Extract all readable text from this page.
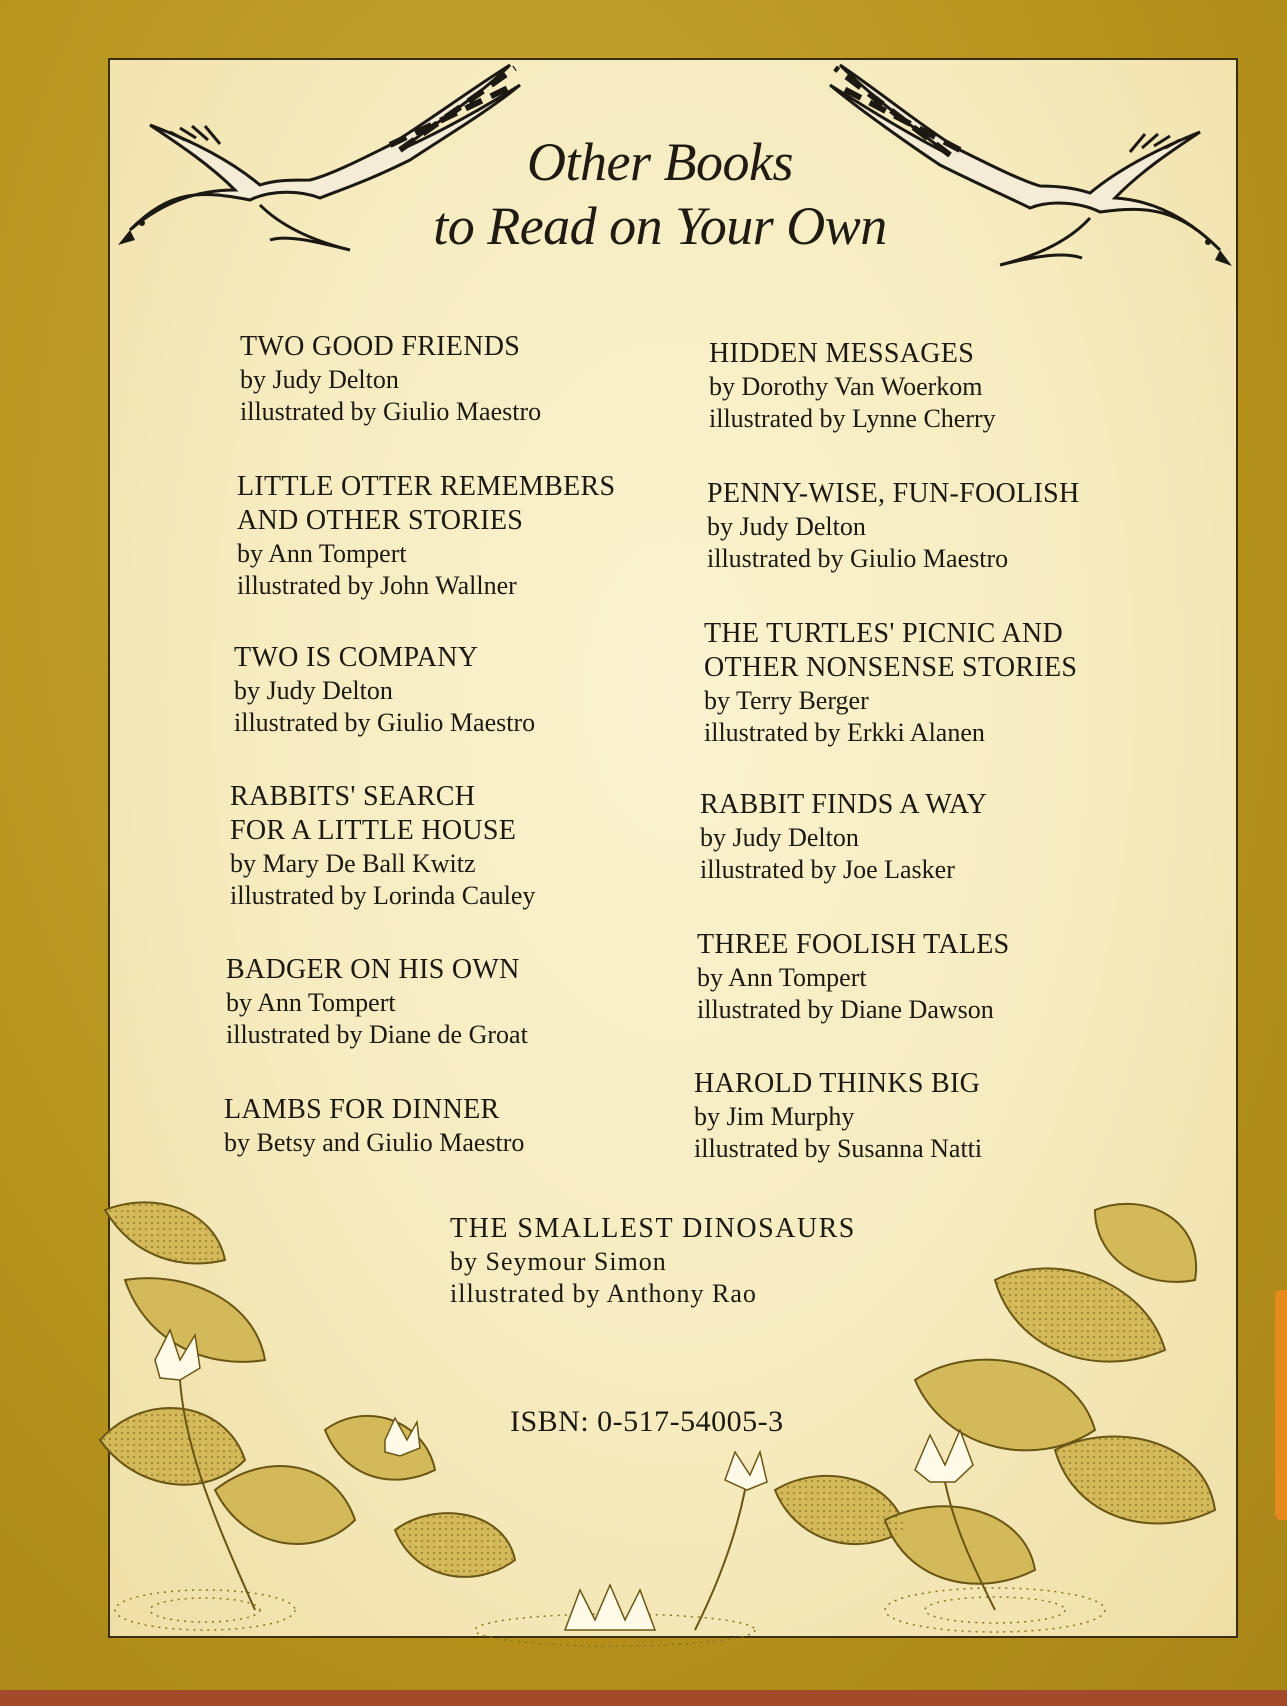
Other Books
to Read on Your Own
TWO GOOD FRIENDS
by Judy Delton
illustrated by Giulio Maestro
LITTLE OTTER REMEMBERS
AND OTHER STORIES
by Ann Tompert
illustrated by John Wallner
TWO IS COMPANY
by Judy Delton
illustrated by Giulio Maestro
RABBITS' SEARCH
FOR A LITTLE HOUSE
by Mary De Ball Kwitz
illustrated by Lorinda Cauley
BADGER ON HIS OWN
by Ann Tompert
illustrated by Diane de Groat
LAMBS FOR DINNER
by Betsy and Giulio Maestro
HIDDEN MESSAGES
by Dorothy Van Woerkom
illustrated by Lynne Cherry
PENNY-WISE, FUN-FOOLISH
by Judy Delton
illustrated by Giulio Maestro
THE TURTLES' PICNIC AND
OTHER NONSENSE STORIES
by Terry Berger
illustrated by Erkki Alanen
RABBIT FINDS A WAY
by Judy Delton
illustrated by Joe Lasker
THREE FOOLISH TALES
by Ann Tompert
illustrated by Diane Dawson
HAROLD THINKS BIG
by Jim Murphy
illustrated by Susanna Natti
THE SMALLEST DINOSAURS
by Seymour Simon
illustrated by Anthony Rao
ISBN: 0-517-54005-3
